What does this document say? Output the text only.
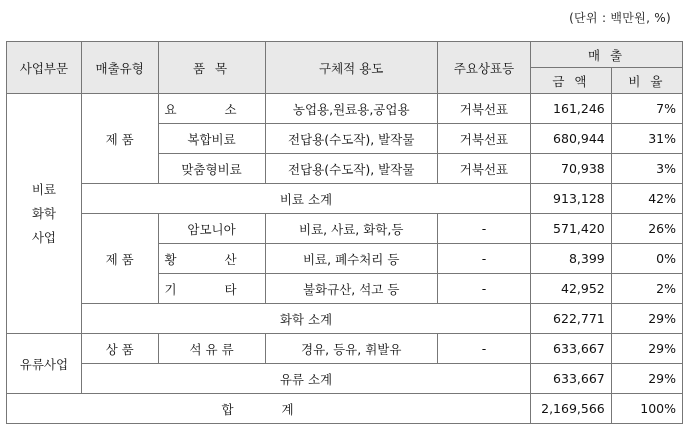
(단위 : 백만원, %)
사업부문	매출유형	품 목	구체적 용도	주요상표등	매 출	
					금 액	비 율

비료
화학
사업	제 품	요 소	농업용,원료용,공업용	거북선표	161,246	7%
		복합비료	전답용(수도작), 발작물	거북선표	680,944	31%
		맞춤형비료	전답용(수도작), 발작물	거북선표	70,938	3%
	비료 소계				913,128	42%
	제 품	암모니아	비료, 사료, 화학,등	-	571,420	26%
		황 산	비료, 폐수처리 등	-	8,399	0%
		기 타	불화규산, 석고 등	-	42,952	2%
	화학 소계				622,771	29%
유류사업	상 품	석 유 류	경유, 등유, 휘발유	-	633,667	29%
	유류 소계				633,667	29%
합 계					2,169,566	100%
